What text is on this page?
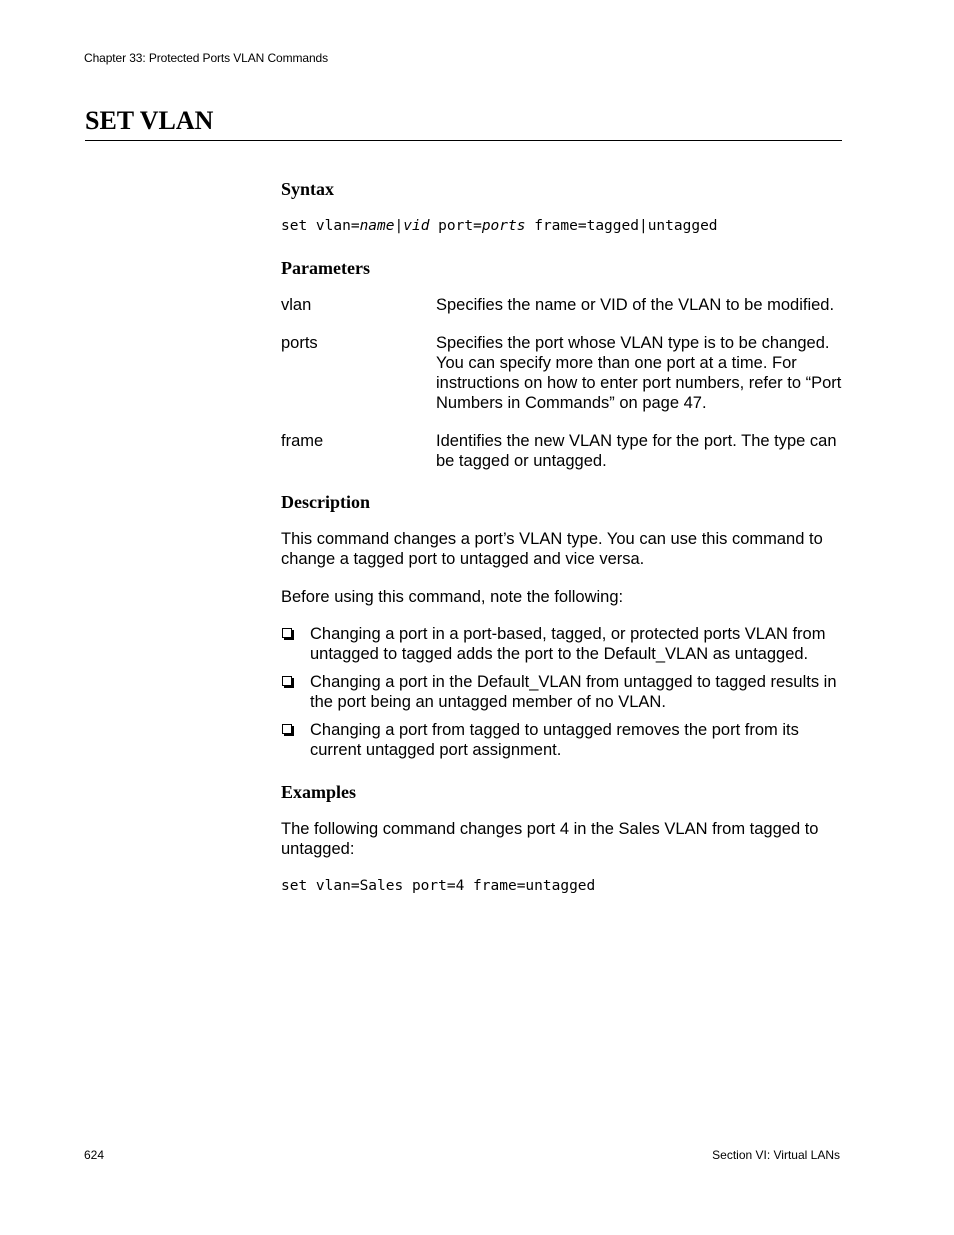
Chapter 33: Protected Ports VLAN Commands
SET VLAN
Syntax
set vlan=name|vid port=ports frame=tagged|untagged
Parameters
vlan	Specifies the name or VID of the VLAN to be modified.
ports	Specifies the port whose VLAN type is to be changed. You can specify more than one port at a time. For instructions on how to enter port numbers, refer to “Port Numbers in Commands” on page 47.
frame	Identifies the new VLAN type for the port. The type can be tagged or untagged.
Description

This command changes a port’s VLAN type. You can use this command to change a tagged port to untagged and vice versa.

Before using this command, note the following:

Changing a port in a port-based, tagged, or protected ports VLAN from untagged to tagged adds the port to the Default_VLAN as untagged.
Changing a port in the Default_VLAN from untagged to tagged results in the port being an untagged member of no VLAN.
Changing a port from tagged to untagged removes the port from its current untagged port assignment.
Examples

The following command changes port 4 in the Sales VLAN from tagged to untagged:

set vlan=Sales port=4 frame=untagged
624	Section VI: Virtual LANs
